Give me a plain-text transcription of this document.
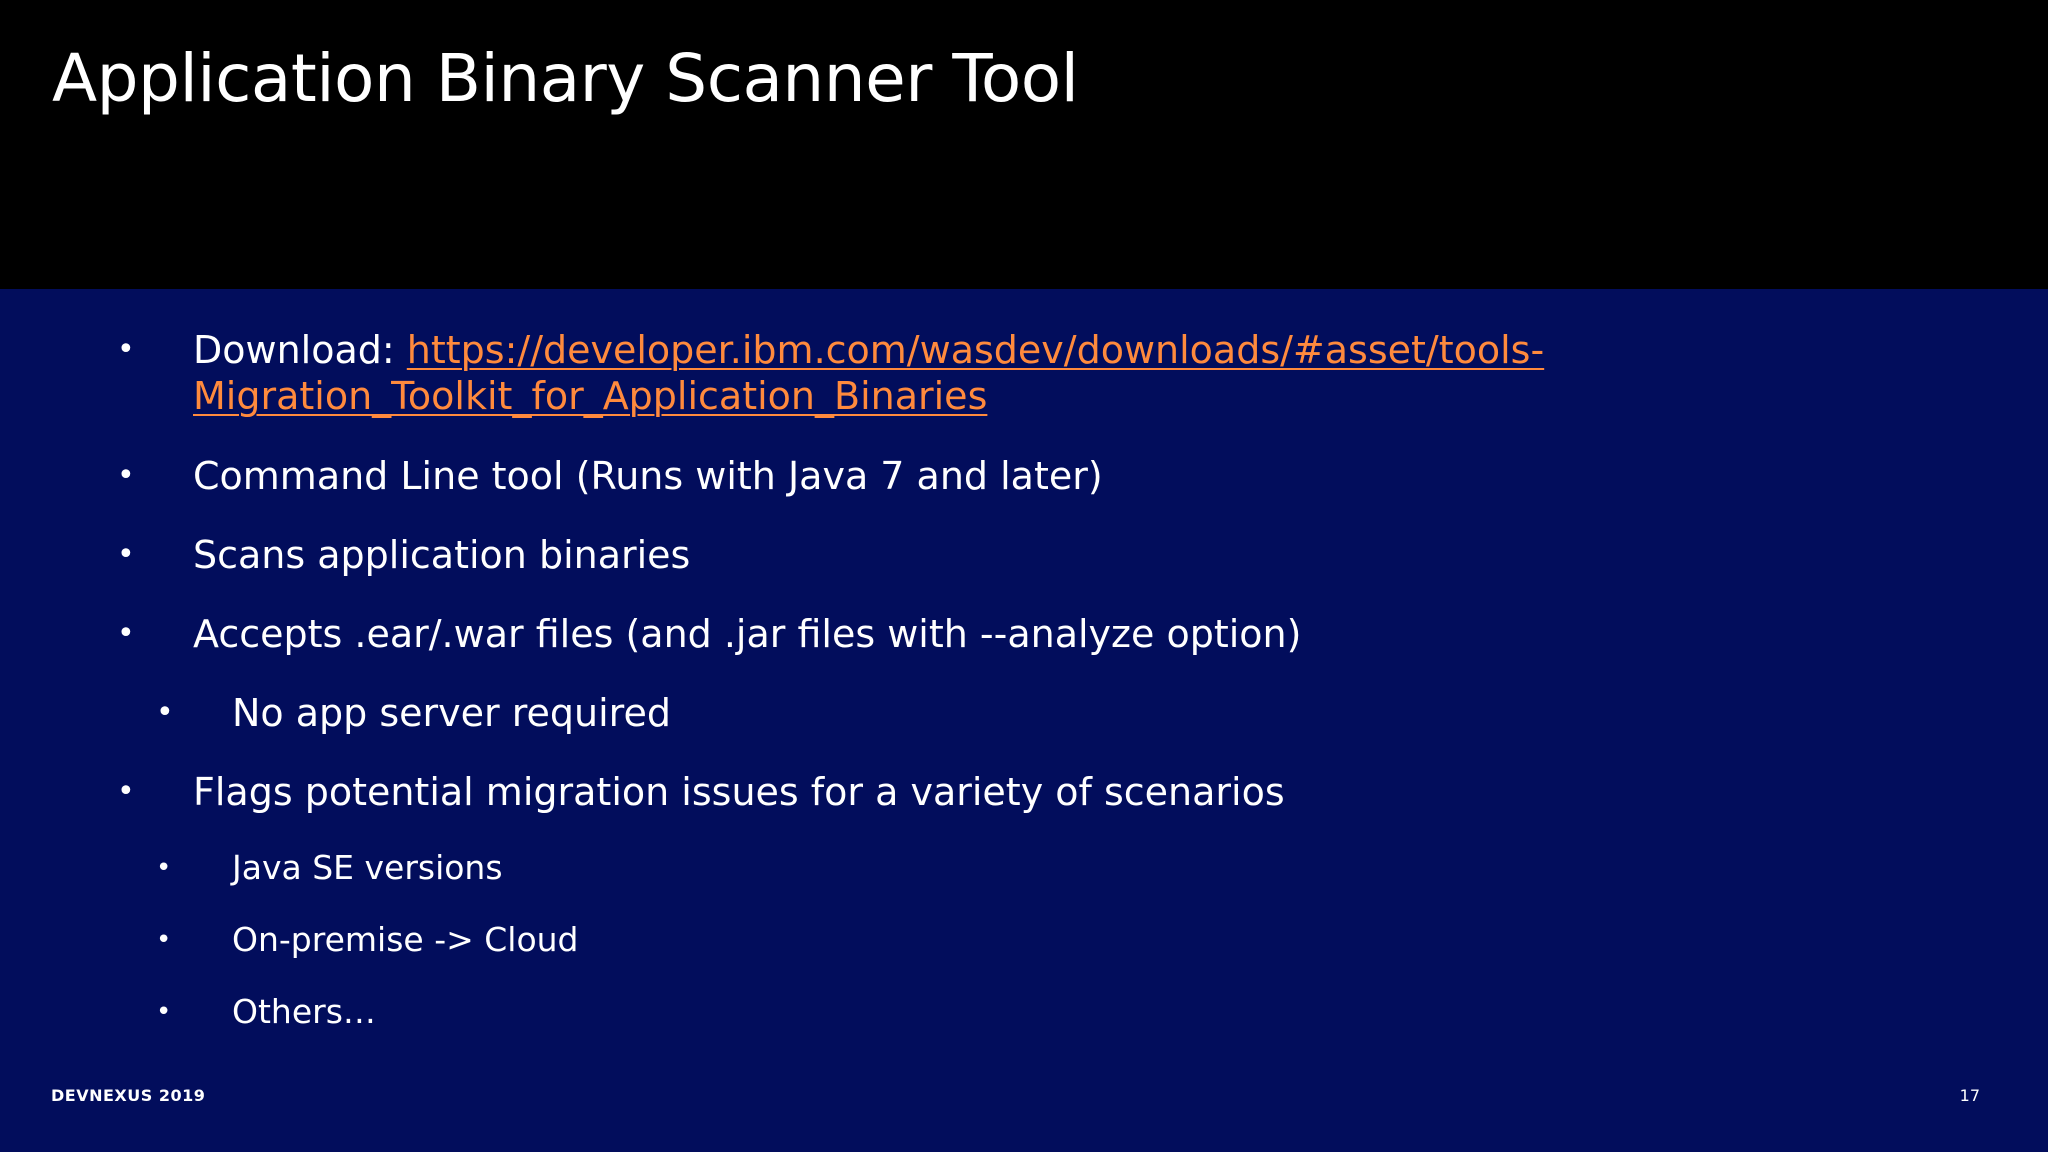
Application Binary Scanner Tool
• Download: https://developer.ibm.com/wasdev/downloads/#asset/tools-
Migration_Toolkit_for_Application_Binaries
• Command Line tool (Runs with Java 7 and later)
• Scans application binaries
• Accepts .ear/.war files (and .jar files with --analyze option)
• No app server required
• Flags potential migration issues for a variety of scenarios
• Java SE versions
• On-premise -> Cloud
• Others…
DEVNEXUS 2019	17
